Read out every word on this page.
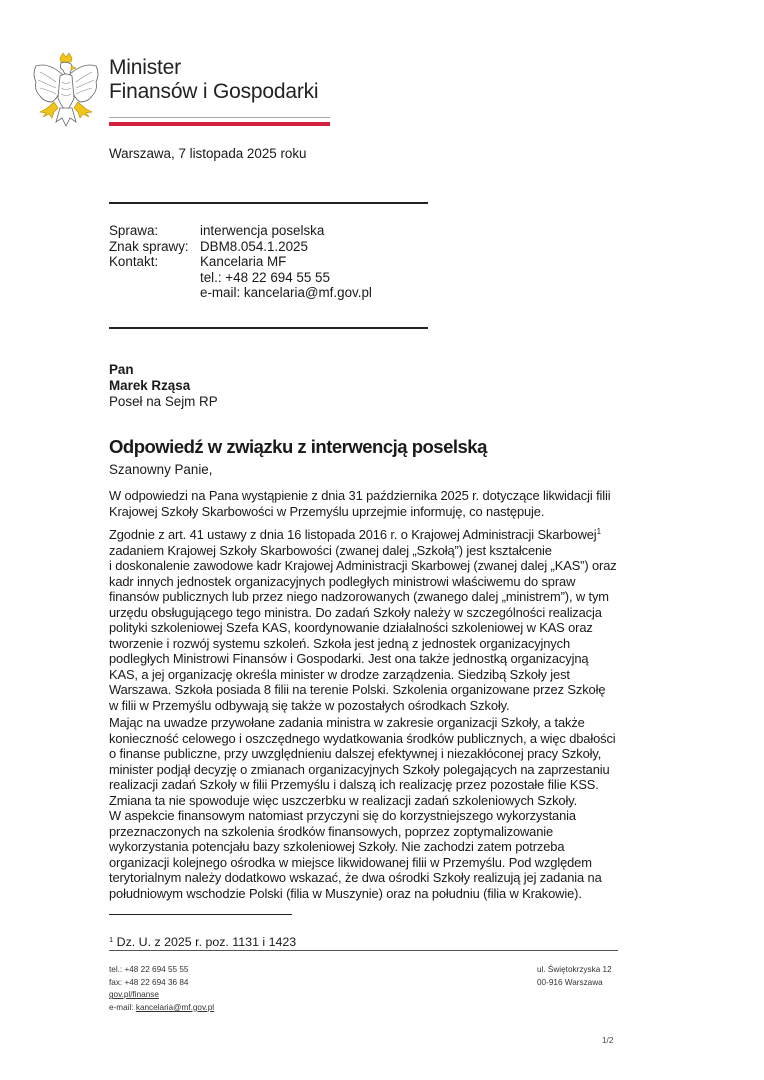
Minister
Finansów i Gospodarki
Warszawa, 7 listopada 2025 roku
Sprawa:	interwencja poselska
Znak sprawy: DBM8.054.1.2025
Kontakt:	Kancelaria MF
tel.: +48 22 694 55 55
e-mail: kancelaria@mf.gov.pl
Pan
Marek Rząsa
Poseł na Sejm RP
Odpowiedź w związku z interwencją poselską
Szanowny Panie,
W odpowiedzi na Pana wystąpienie z dnia 31 października 2025 r. dotyczące likwidacji filii
Krajowej Szkoły Skarbowości w Przemyślu uprzejmie informuję, co następuje.
Zgodnie z art. 41 ustawy z dnia 16 listopada 2016 r. o Krajowej Administracji Skarbowej$^1$
zadaniem Krajowej Szkoły Skarbowości (zwanej dalej „Szkołą”) jest kształcenie
i doskonalenie zawodowe kadr Krajowej Administracji Skarbowej (zwanej dalej „KAS”) oraz
kadr innych jednostek organizacyjnych podległych ministrowi właściwemu do spraw
finansów publicznych lub przez niego nadzorowanych (zwanego dalej „ministrem”), w tym
urzędu obsługującego tego ministra. Do zadań Szkoły należy w szczególności realizacja
polityki szkoleniowej Szefa KAS, koordynowanie działalności szkoleniowej w KAS oraz
tworzenie i rozwój systemu szkoleń. Szkoła jest jedną z jednostek organizacyjnych
podległych Ministrowi Finansów i Gospodarki. Jest ona także jednostką organizacyjną
KAS, a jej organizację określa minister w drodze zarządzenia. Siedzibą Szkoły jest
Warszawa. Szkoła posiada 8 filii na terenie Polski. Szkolenia organizowane przez Szkołę
w filii w Przemyślu odbywają się także w pozostałych ośrodkach Szkoły.
Mając na uwadze przywołane zadania ministra w zakresie organizacji Szkoły, a także
konieczność celowego i oszczędnego wydatkowania środków publicznych, a więc dbałości
o finanse publiczne, przy uwzględnieniu dalszej efektywnej i niezakłóconej pracy Szkoły,
minister podjął decyzję o zmianach organizacyjnych Szkoły polegających na zaprzestaniu
realizacji zadań Szkoły w filii Przemyślu i dalszą ich realizację przez pozostałe filie KSS.
Zmiana ta nie spowoduje więc uszczerbku w realizacji zadań szkoleniowych Szkoły.
W aspekcie finansowym natomiast przyczyni się do korzystniejszego wykorzystania
przeznaczonych na szkolenia środków finansowych, poprzez zoptymalizowanie
wykorzystania potencjału bazy szkoleniowej Szkoły. Nie zachodzi zatem potrzeba
organizacji kolejnego ośrodka w miejsce likwidowanej filii w Przemyślu. Pod względem
terytorialnym należy dodatkowo wskazać, że dwa ośrodki Szkoły realizują jej zadania na
południowym wschodzie Polski (filia w Muszynie) oraz na południu (filia w Krakowie).
$^1$ Dz. U. z 2025 r. poz. 1131 i 1423
tel.: +48 22 694 55 55
fax: +48 22 694 36 84
gov.pl/finanse
e-mail: kancelaria@mf.gov.pl
ul. Świętokrzyska 12
00-916 Warszawa
1/2
